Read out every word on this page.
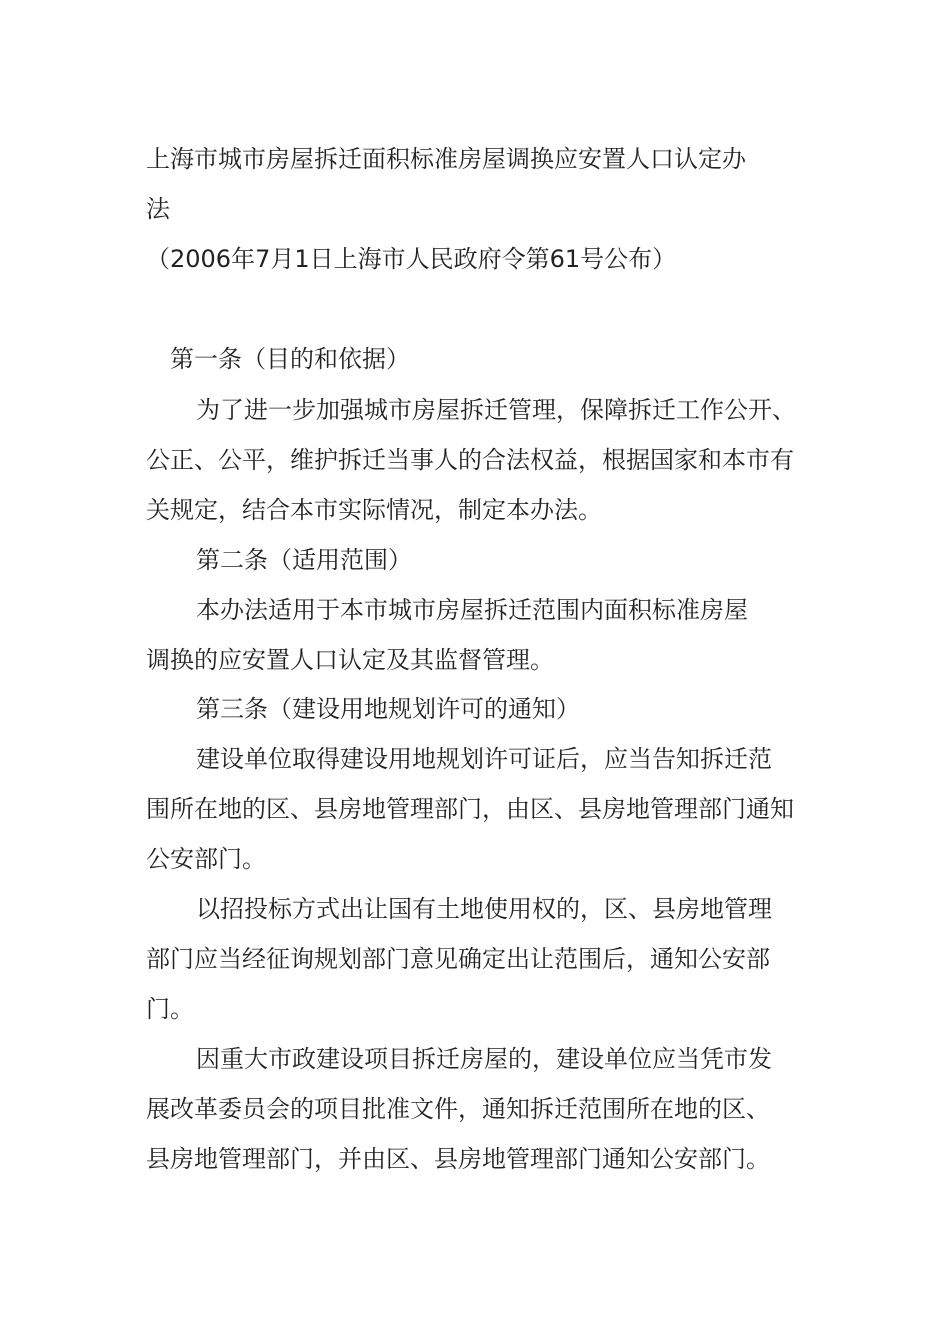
上海市城市房屋拆迁面积标准房屋调换应安置人口认定办
法
（2006年7月1日上海市人民政府令第61号公布）
第一条（目的和依据）
为了进一步加强城市房屋拆迁管理，保障拆迁工作公开、
公正、公平，维护拆迁当事人的合法权益，根据国家和本市有
关规定，结合本市实际情况，制定本办法。
第二条（适用范围）
本办法适用于本市城市房屋拆迁范围内面积标准房屋
调换的应安置人口认定及其监督管理。
第三条（建设用地规划许可的通知）
建设单位取得建设用地规划许可证后，应当告知拆迁范
围所在地的区、县房地管理部门，由区、县房地管理部门通知
公安部门。
以招投标方式出让国有土地使用权的，区、县房地管理
部门应当经征询规划部门意见确定出让范围后，通知公安部
门。
因重大市政建设项目拆迁房屋的，建设单位应当凭市发
展改革委员会的项目批准文件，通知拆迁范围所在地的区、
县房地管理部门，并由区、县房地管理部门通知公安部门。
